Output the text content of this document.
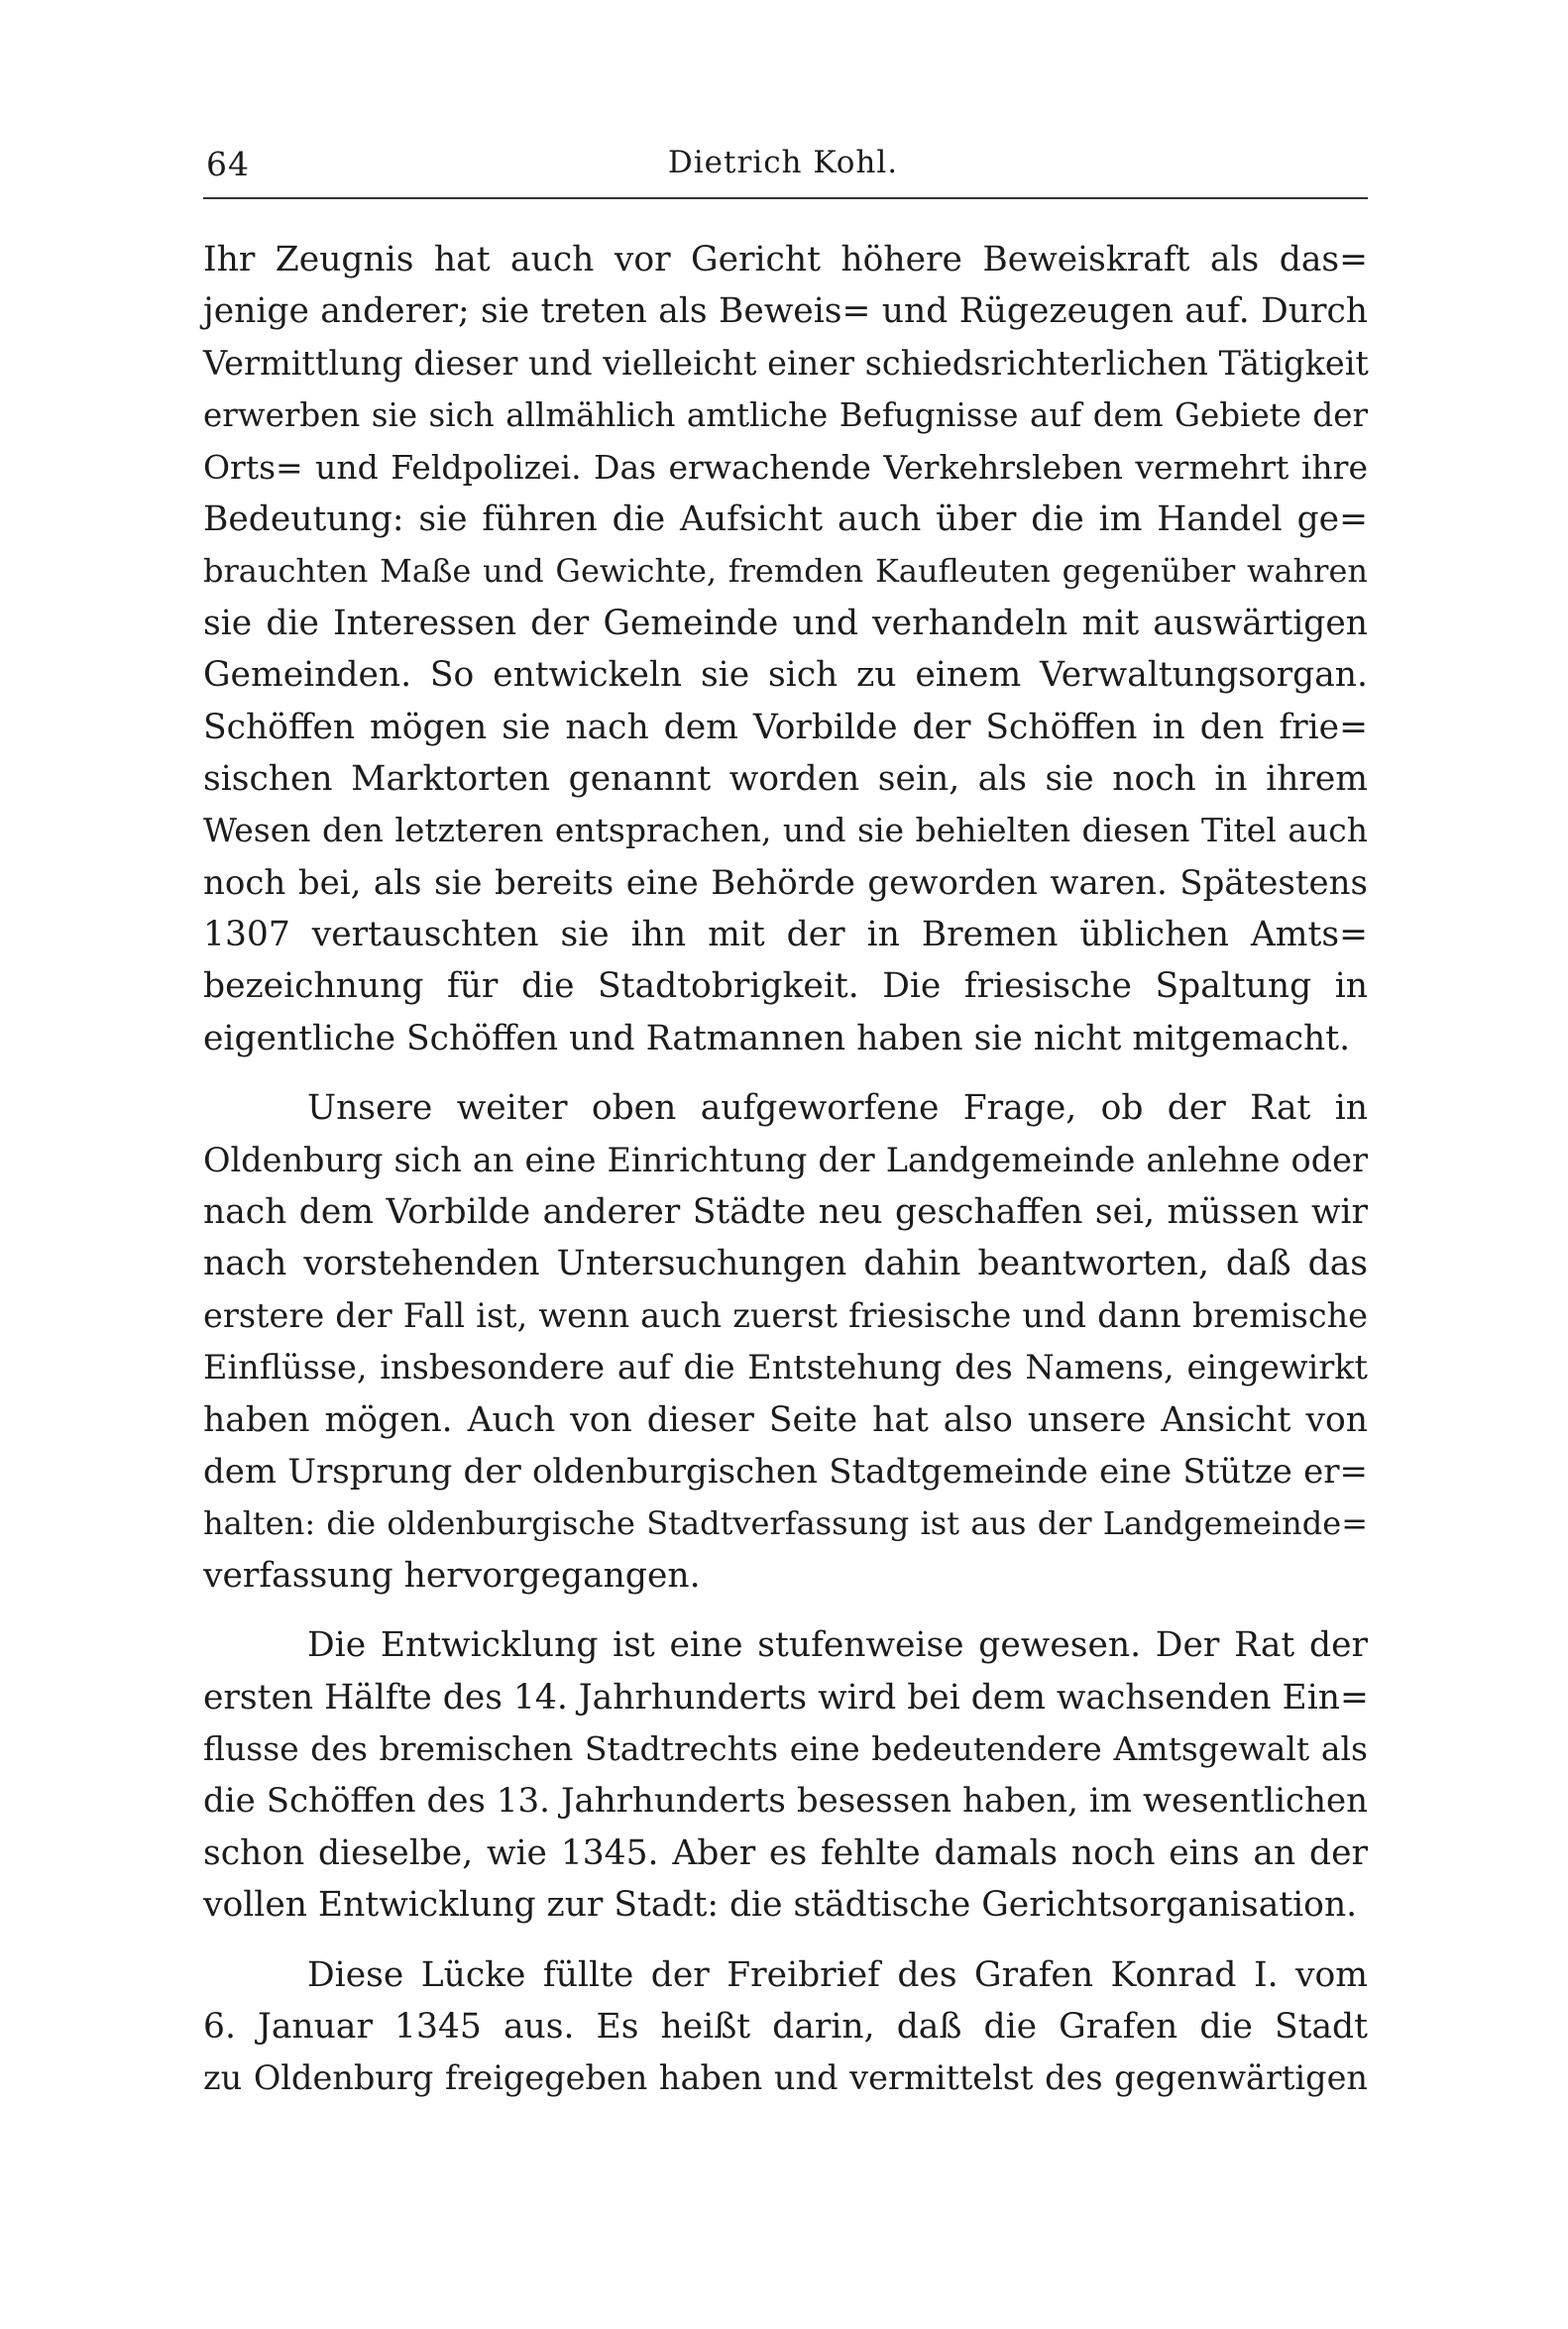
64	Dietrich Kohl.
Ihr Zeugnis hat auch vor Gericht höhere Beweiskraft als das=
jenige anderer; sie treten als Beweis= und Rügezeugen auf. Durch
Vermittlung dieser und vielleicht einer schiedsrichterlichen Tätigkeit
erwerben sie sich allmählich amtliche Befugnisse auf dem Gebiete der
Orts= und Feldpolizei. Das erwachende Verkehrsleben vermehrt ihre
Bedeutung: sie führen die Aufsicht auch über die im Handel ge=
brauchten Maße und Gewichte, fremden Kaufleuten gegenüber wahren
sie die Interessen der Gemeinde und verhandeln mit auswärtigen
Gemeinden. So entwickeln sie sich zu einem Verwaltungsorgan.
Schöffen mögen sie nach dem Vorbilde der Schöffen in den frie=
sischen Marktorten genannt worden sein, als sie noch in ihrem
Wesen den letzteren entsprachen, und sie behielten diesen Titel auch
noch bei, als sie bereits eine Behörde geworden waren. Spätestens
1307 vertauschten sie ihn mit der in Bremen üblichen Amts=
bezeichnung für die Stadtobrigkeit. Die friesische Spaltung in
eigentliche Schöffen und Ratmannen haben sie nicht mitgemacht.
Unsere weiter oben aufgeworfene Frage, ob der Rat in
Oldenburg sich an eine Einrichtung der Landgemeinde anlehne oder
nach dem Vorbilde anderer Städte neu geschaffen sei, müssen wir
nach vorstehenden Untersuchungen dahin beantworten, daß das
erstere der Fall ist, wenn auch zuerst friesische und dann bremische
Einflüsse, insbesondere auf die Entstehung des Namens, eingewirkt
haben mögen. Auch von dieser Seite hat also unsere Ansicht von
dem Ursprung der oldenburgischen Stadtgemeinde eine Stütze er=
halten: die oldenburgische Stadtverfassung ist aus der Landgemeinde=
verfassung hervorgegangen.
Die Entwicklung ist eine stufenweise gewesen. Der Rat der
ersten Hälfte des 14. Jahrhunderts wird bei dem wachsenden Ein=
flusse des bremischen Stadtrechts eine bedeutendere Amtsgewalt als
die Schöffen des 13. Jahrhunderts besessen haben, im wesentlichen
schon dieselbe, wie 1345. Aber es fehlte damals noch eins an der
vollen Entwicklung zur Stadt: die städtische Gerichtsorganisation.
Diese Lücke füllte der Freibrief des Grafen Konrad I. vom
6. Januar 1345 aus. Es heißt darin, daß die Grafen die Stadt
zu Oldenburg freigegeben haben und vermittelst des gegenwärtigen
